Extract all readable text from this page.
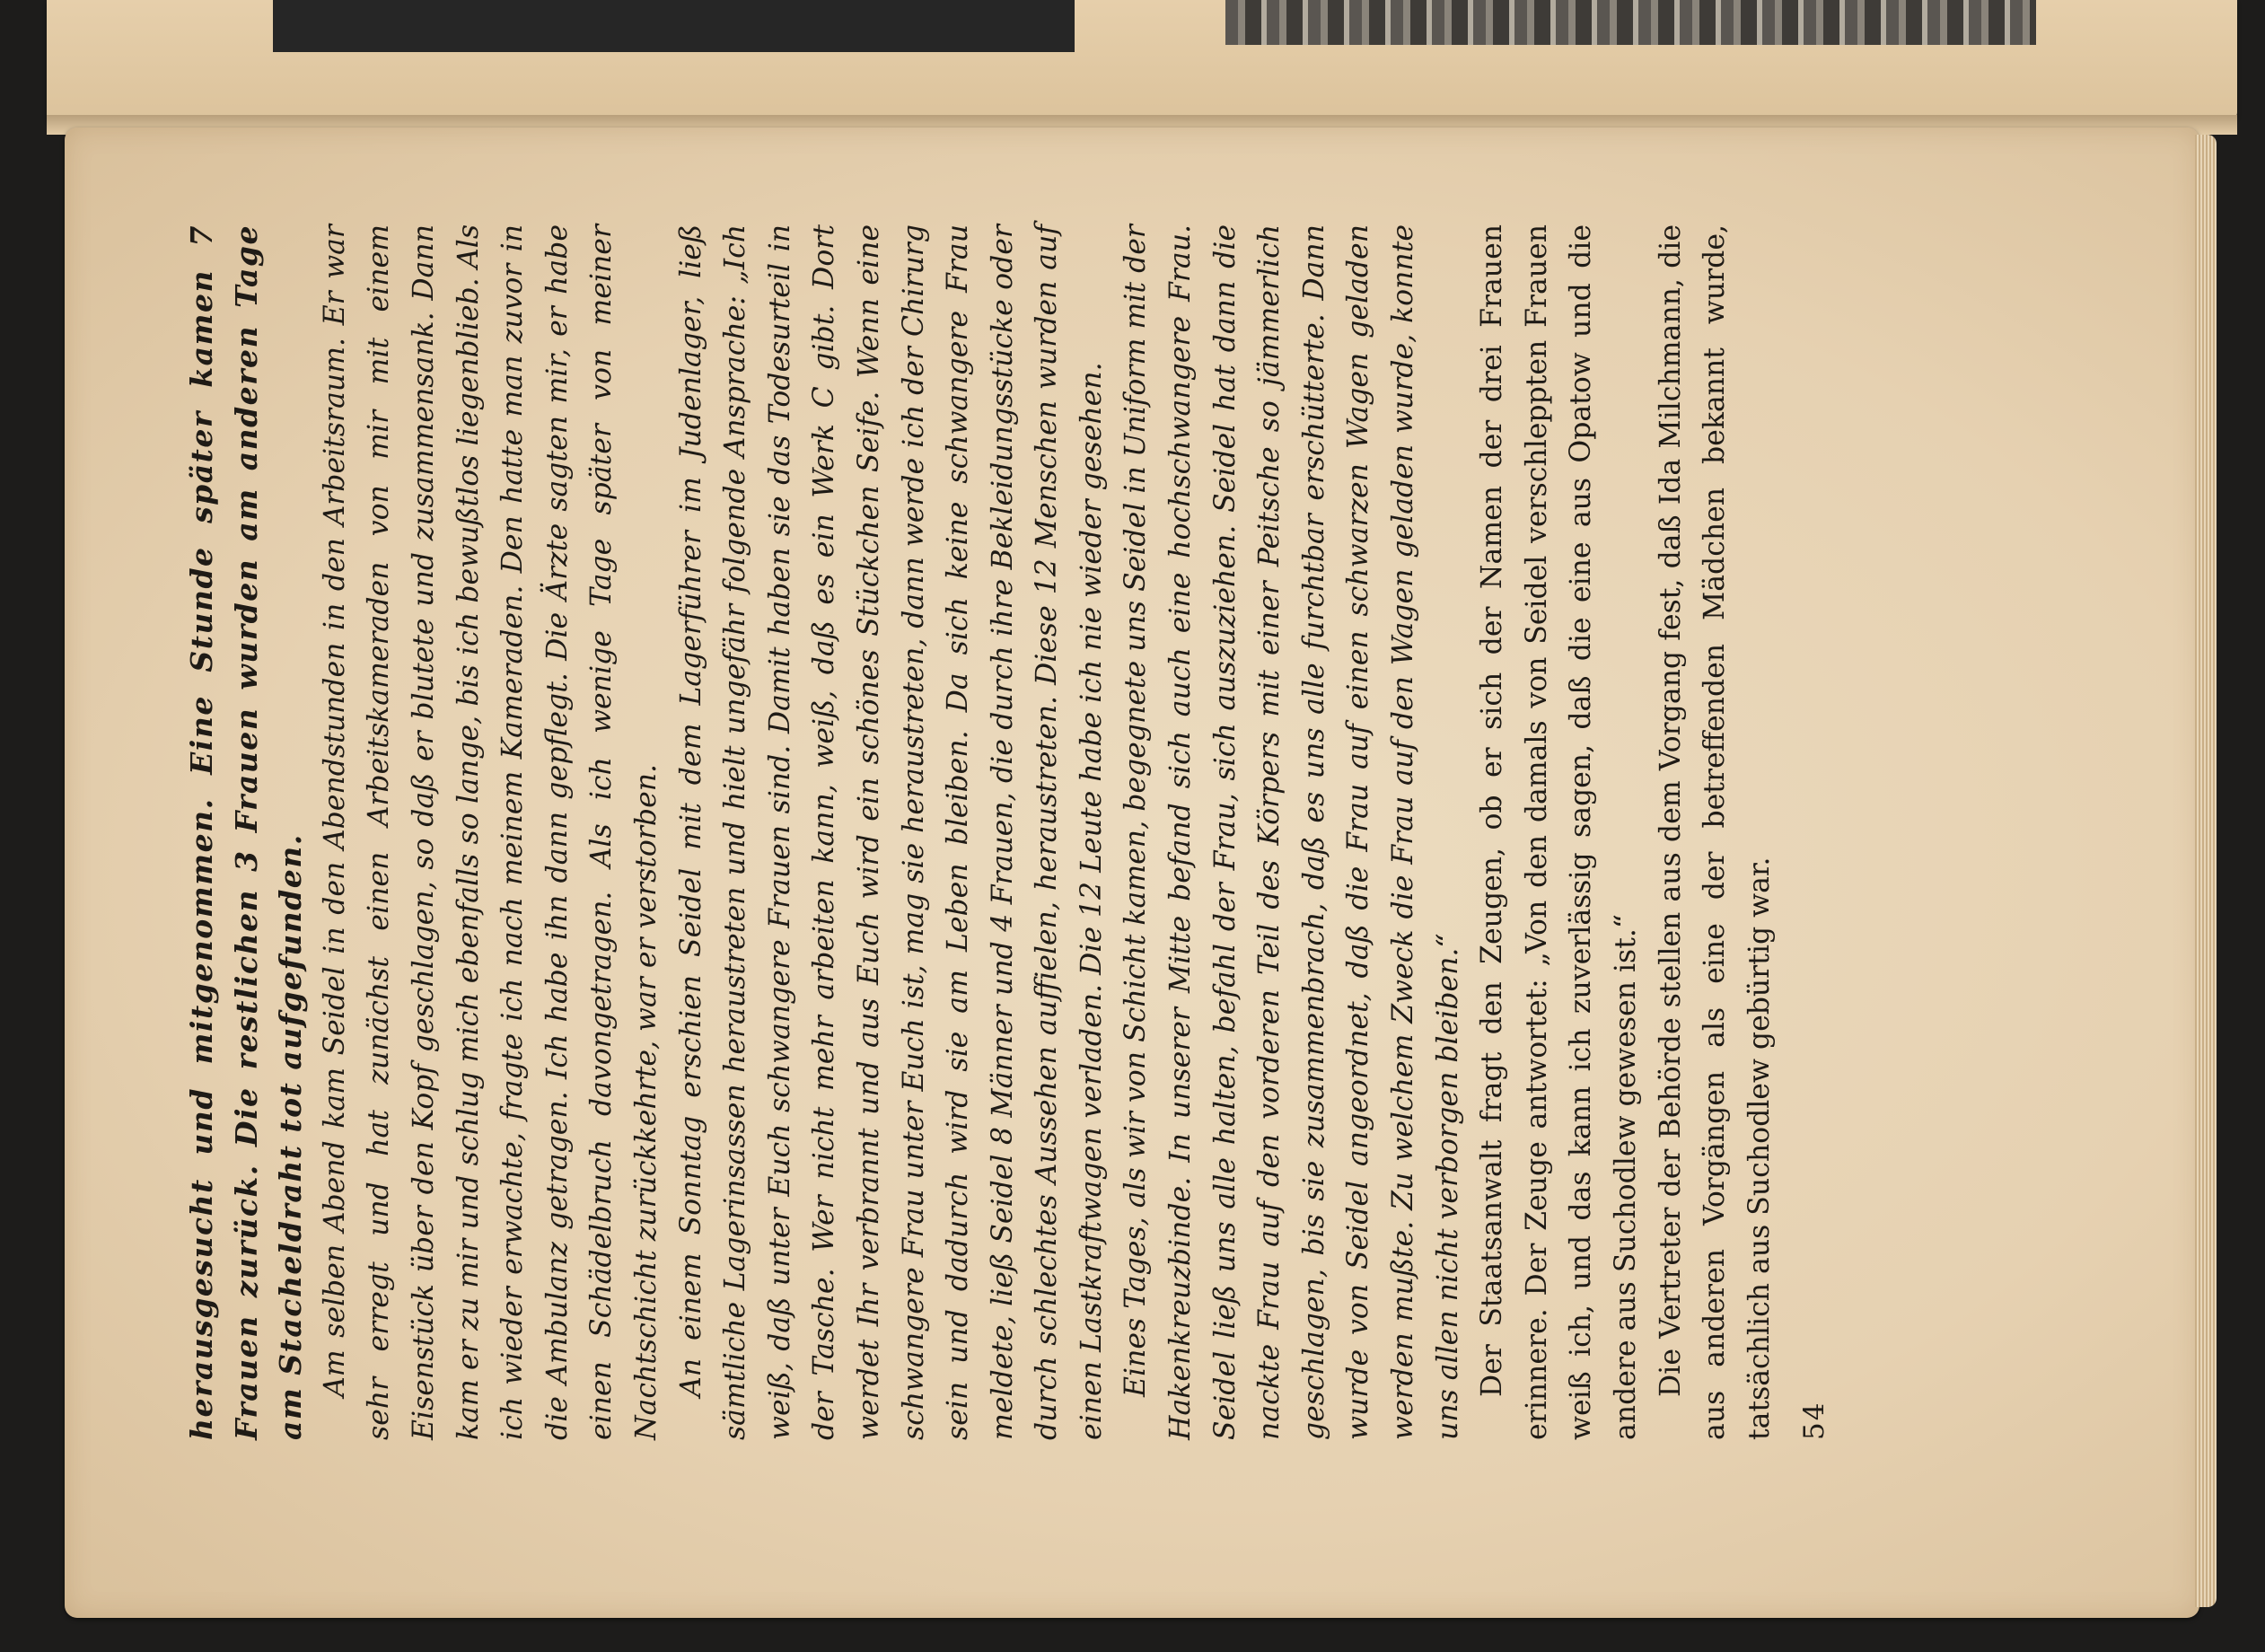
herausgesucht und mitgenommen. Eine Stunde später kamen 7 Frauen zurück. Die restlichen 3 Frauen wurden am anderen Tage am Stacheldraht tot aufgefunden. Am selben Abend kam Seidel in den Abendstunden in den Arbeitsraum. Er war sehr erregt und hat zunächst einen Arbeitskameraden von mir mit einem Eisenstück über den Kopf geschlagen, so daß er blutete und zusammensank. Dann kam er zu mir und schlug mich ebenfalls so lange, bis ich bewußtlos liegenblieb. Als ich wieder erwachte, fragte ich nach meinem Kameraden. Den hatte man zuvor in die Ambulanz getragen. Ich habe ihn dann gepflegt. Die Ärzte sagten mir, er habe einen Schädelbruch davongetragen. Als ich wenige Tage später von meiner Nachtschicht zurückkehrte, war er verstorben. An einem Sonntag erschien Seidel mit dem Lagerführer im Judenlager, ließ sämtliche Lagerinsassen heraustreten und hielt ungefähr folgende Ansprache: „Ich weiß, daß unter Euch schwangere Frauen sind. Damit haben sie das Todesurteil in der Tasche. Wer nicht mehr arbeiten kann, weiß, daß es ein Werk C gibt. Dort werdet Ihr verbrannt und aus Euch wird ein schönes Stückchen Seife. Wenn eine schwangere Frau unter Euch ist, mag sie heraustreten, dann werde ich der Chirurg sein und dadurch wird sie am Leben bleiben. Da sich keine schwangere Frau meldete, ließ Seidel 8 Männer und 4 Frauen, die durch ihre Bekleidungsstücke oder durch schlechtes Aussehen auffielen, heraustreten. Diese 12 Menschen wurden auf einen Lastkraftwagen verladen. Die 12 Leute habe ich nie wieder gesehen. Eines Tages, als wir von Schicht kamen, begegnete uns Seidel in Uniform mit der Hakenkreuzbinde. In unserer Mitte befand sich auch eine hochschwangere Frau. Seidel ließ uns alle halten, befahl der Frau, sich auszuziehen. Seidel hat dann die nackte Frau auf den vorderen Teil des Körpers mit einer Peitsche so jämmerlich geschlagen, bis sie zusammenbrach, daß es uns alle furchtbar erschütterte. Dann wurde von Seidel angeordnet, daß die Frau auf einen schwarzen Wagen geladen werden mußte. Zu welchem Zweck die Frau auf den Wagen geladen wurde, konnte uns allen nicht verborgen bleiben.“ Der Staatsanwalt fragt den Zeugen, ob er sich der Namen der drei Frauen erinnere. Der Zeuge antwortet: „Von den damals von Seidel verschleppten Frauen weiß ich, und das kann ich zuverlässig sagen, daß die eine aus Opatow und die andere aus Suchodlew gewesen ist.“ Die Vertreter der Behörde stellen aus dem Vorgang fest, daß Ida Milchmann, die aus anderen Vorgängen als eine der betreffenden Mädchen bekannt wurde, tatsächlich aus Suchodlew gebürtig war. 54
